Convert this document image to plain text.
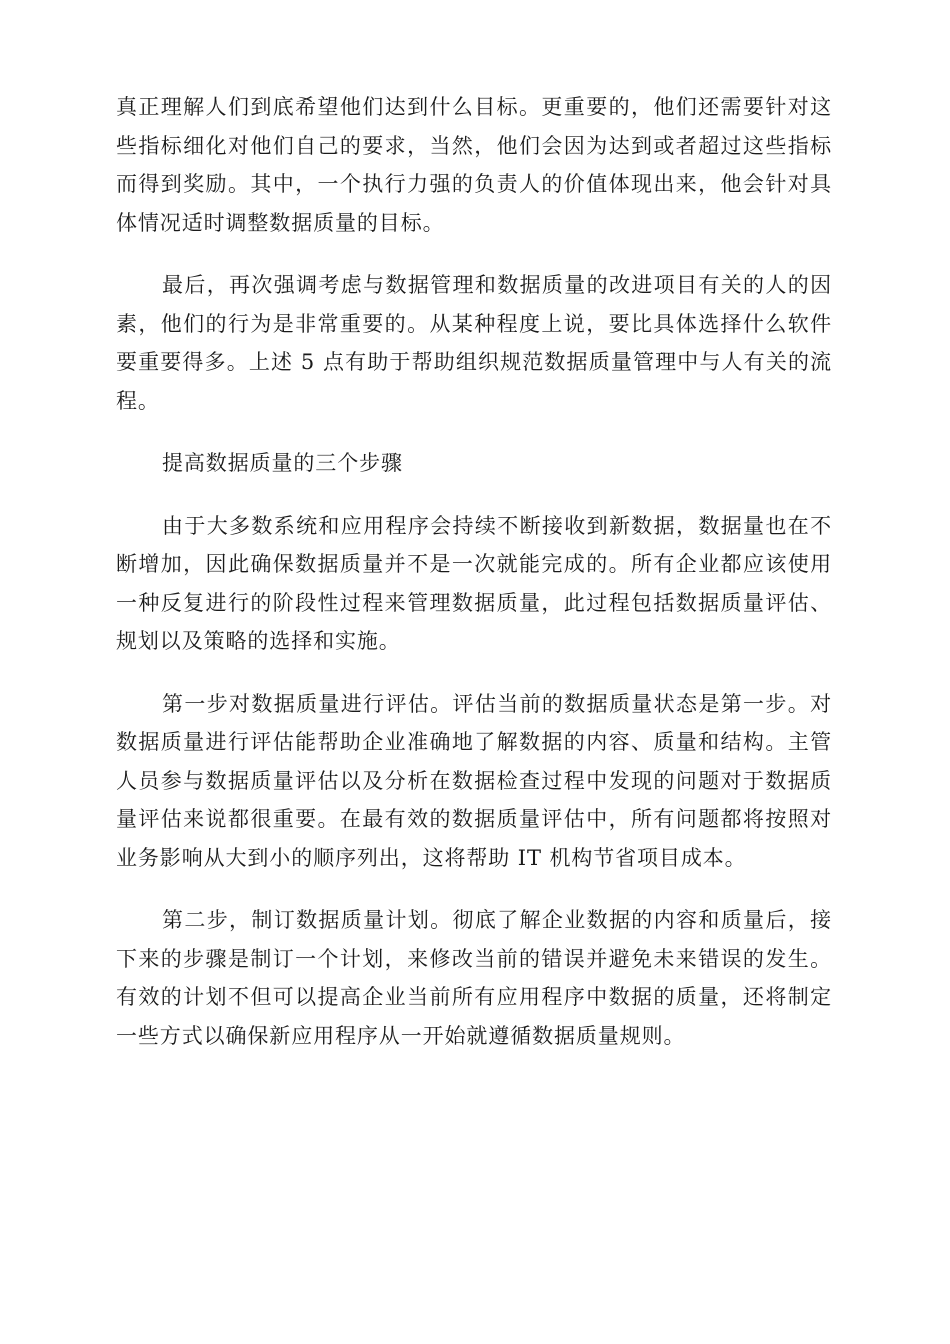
真正理解人们到底希望他们达到什么目标。更重要的，他们还需要针对这些指标细化对他们自己的要求，当然，他们会因为达到或者超过这些指标而得到奖励。其中，一个执行力强的负责人的价值体现出来，他会针对具体情况适时调整数据质量的目标。

最后，再次强调考虑与数据管理和数据质量的改进项目有关的人的因素，他们的行为是非常重要的。从某种程度上说，要比具体选择什么软件要重要得多。上述 5 点有助于帮助组织规范数据质量管理中与人有关的流程。

提高数据质量的三个步骤

由于大多数系统和应用程序会持续不断接收到新数据，数据量也在不断增加，因此确保数据质量并不是一次就能完成的。所有企业都应该使用一种反复进行的阶段性过程来管理数据质量，此过程包括数据质量评估、规划以及策略的选择和实施。

第一步对数据质量进行评估。评估当前的数据质量状态是第一步。对数据质量进行评估能帮助企业准确地了解数据的内容、质量和结构。主管人员参与数据质量评估以及分析在数据检查过程中发现的问题对于数据质量评估来说都很重要。在最有效的数据质量评估中，所有问题都将按照对业务影响从大到小的顺序列出，这将帮助 IT 机构节省项目成本。

第二步，制订数据质量计划。彻底了解企业数据的内容和质量后，接下来的步骤是制订一个计划，来修改当前的错误并避免未来错误的发生。有效的计划不但可以提高企业当前所有应用程序中数据的质量，还将制定一些方式以确保新应用程序从一开始就遵循数据质量规则。
